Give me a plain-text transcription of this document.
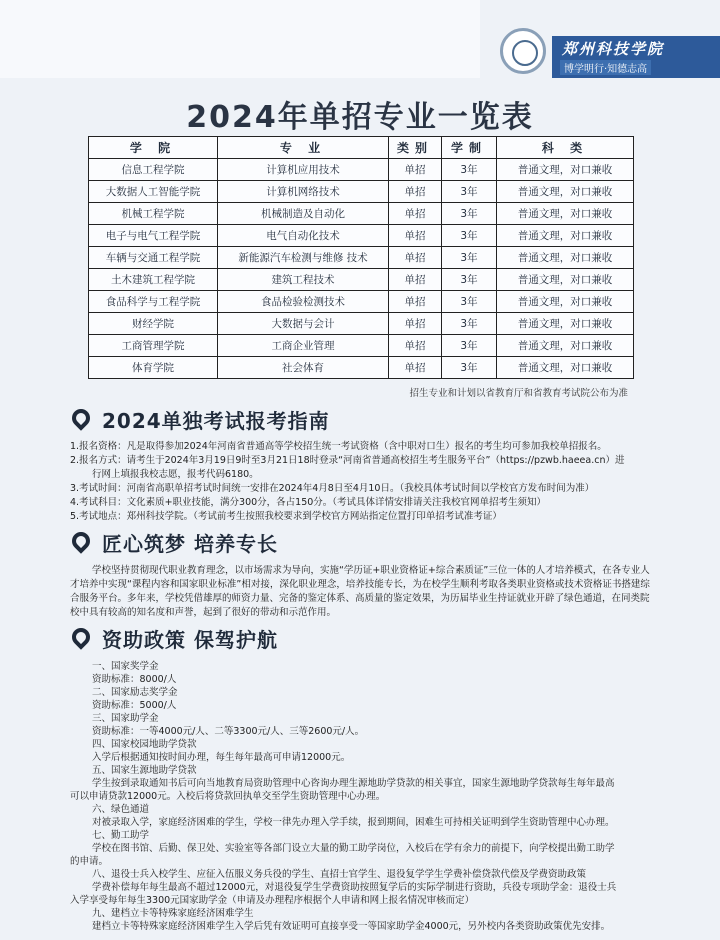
郑州科技学院
博学明行·知德志高
2024年单招专业一览表
学 院	专 业	类别	学制	科 类
信息工程学院	计算机应用技术	单招	3年	普通文理，对口兼收
大数据人工智能学院	计算机网络技术	单招	3年	普通文理，对口兼收
机械工程学院	机械制造及自动化	单招	3年	普通文理，对口兼收
电子与电气工程学院	电气自动化技术	单招	3年	普通文理，对口兼收
车辆与交通工程学院	新能源汽车检测与维修 技术	单招	3年	普通文理，对口兼收
土木建筑工程学院	建筑工程技术	单招	3年	普通文理，对口兼收
食品科学与工程学院	食品检验检测技术	单招	3年	普通文理，对口兼收
财经学院	大数据与会计	单招	3年	普通文理，对口兼收
工商管理学院	工商企业管理	单招	3年	普通文理，对口兼收
体育学院	社会体育	单招	3年	普通文理，对口兼收
招生专业和计划以省教育厅和省教育考试院公布为准
2024单独考试报考指南
1.报名资格：凡是取得参加2024年河南省普通高等学校招生统一考试资格（含中职对口生）报名的考生均可参加我校单招报名。
2.报名方式：请考生于2024年3月19日9时至3月21日18时登录“河南省普通高校招生考生服务平台”（https://pzwb.haeea.cn）进
行网上填报我校志愿，报考代码6180。
3.考试时间：河南省高职单招考试时间统一安排在2024年4月8日至4月10日。（我校具体考试时间以学校官方发布时间为准）
4.考试科目：文化素质+职业技能，满分300分，各占150分。（考试具体详情安排请关注我校官网单招考生须知）
5.考试地点：郑州科技学院。（考试前考生按照我校要求到学校官方网站指定位置打印单招考试准考证）
匠心筑梦 培养专长
学校坚持贯彻现代职业教育理念，以市场需求为导向，实施“学历证+职业资格证+综合素质证”三位一体的人才培养模式，在各专业人才培养中实现“课程内容和国家职业标准”相对接，深化职业理念，培养技能专长，为在校学生顺利考取各类职业资格或技术资格证书搭建综合服务平台。多年来，学校凭借雄厚的师资力量、完备的鉴定体系、高质量的鉴定效果，为历届毕业生持证就业开辟了绿色通道，在同类院校中具有较高的知名度和声誉，起到了很好的带动和示范作用。
资助政策 保驾护航
一、国家奖学金
资助标准：8000/人
二、国家励志奖学金
资助标准：5000/人
三、国家助学金
资助标准：一等4000元/人、二等3300元/人、三等2600元/人。
四、国家校园地助学贷款
入学后根据通知按时间办理，每生每年最高可申请12000元。
五、国家生源地助学贷款
学生按到录取通知书后可向当地教育局资助管理中心咨询办理生源地助学贷款的相关事宜，国家生源地助学贷款每生每年最高
可以申请贷款12000元。入校后将贷款回执单交至学生资助管理中心办理。
六、绿色通道
对被录取入学，家庭经济困难的学生，学校一律先办理入学手续，报到期间，困难生可持相关证明到学生资助管理中心办理。
七、勤工助学
学校在图书馆、后勤、保卫处、实验室等各部门设立大量的勤工助学岗位，入校后在学有余力的前提下，向学校提出勤工助学
的申请。
八、退役士兵入校学生、应征入伍服义务兵役的学生、直招士官学生、退役复学学生学费补偿贷款代偿及学费资助政策
学费补偿每年每生最高不超过12000元，对退役复学生学费资助按照复学后的实际学制进行资助，兵役专项助学金：退役士兵
入学享受每年每生3300元国家助学金（申请及办理程序根据个人申请和网上报名情况审核而定）
九、建档立卡等特殊家庭经济困难学生
建档立卡等特殊家庭经济困难学生入学后凭有效证明可直接享受一等国家助学金4000元，另外校内各类资助政策优先安排。
